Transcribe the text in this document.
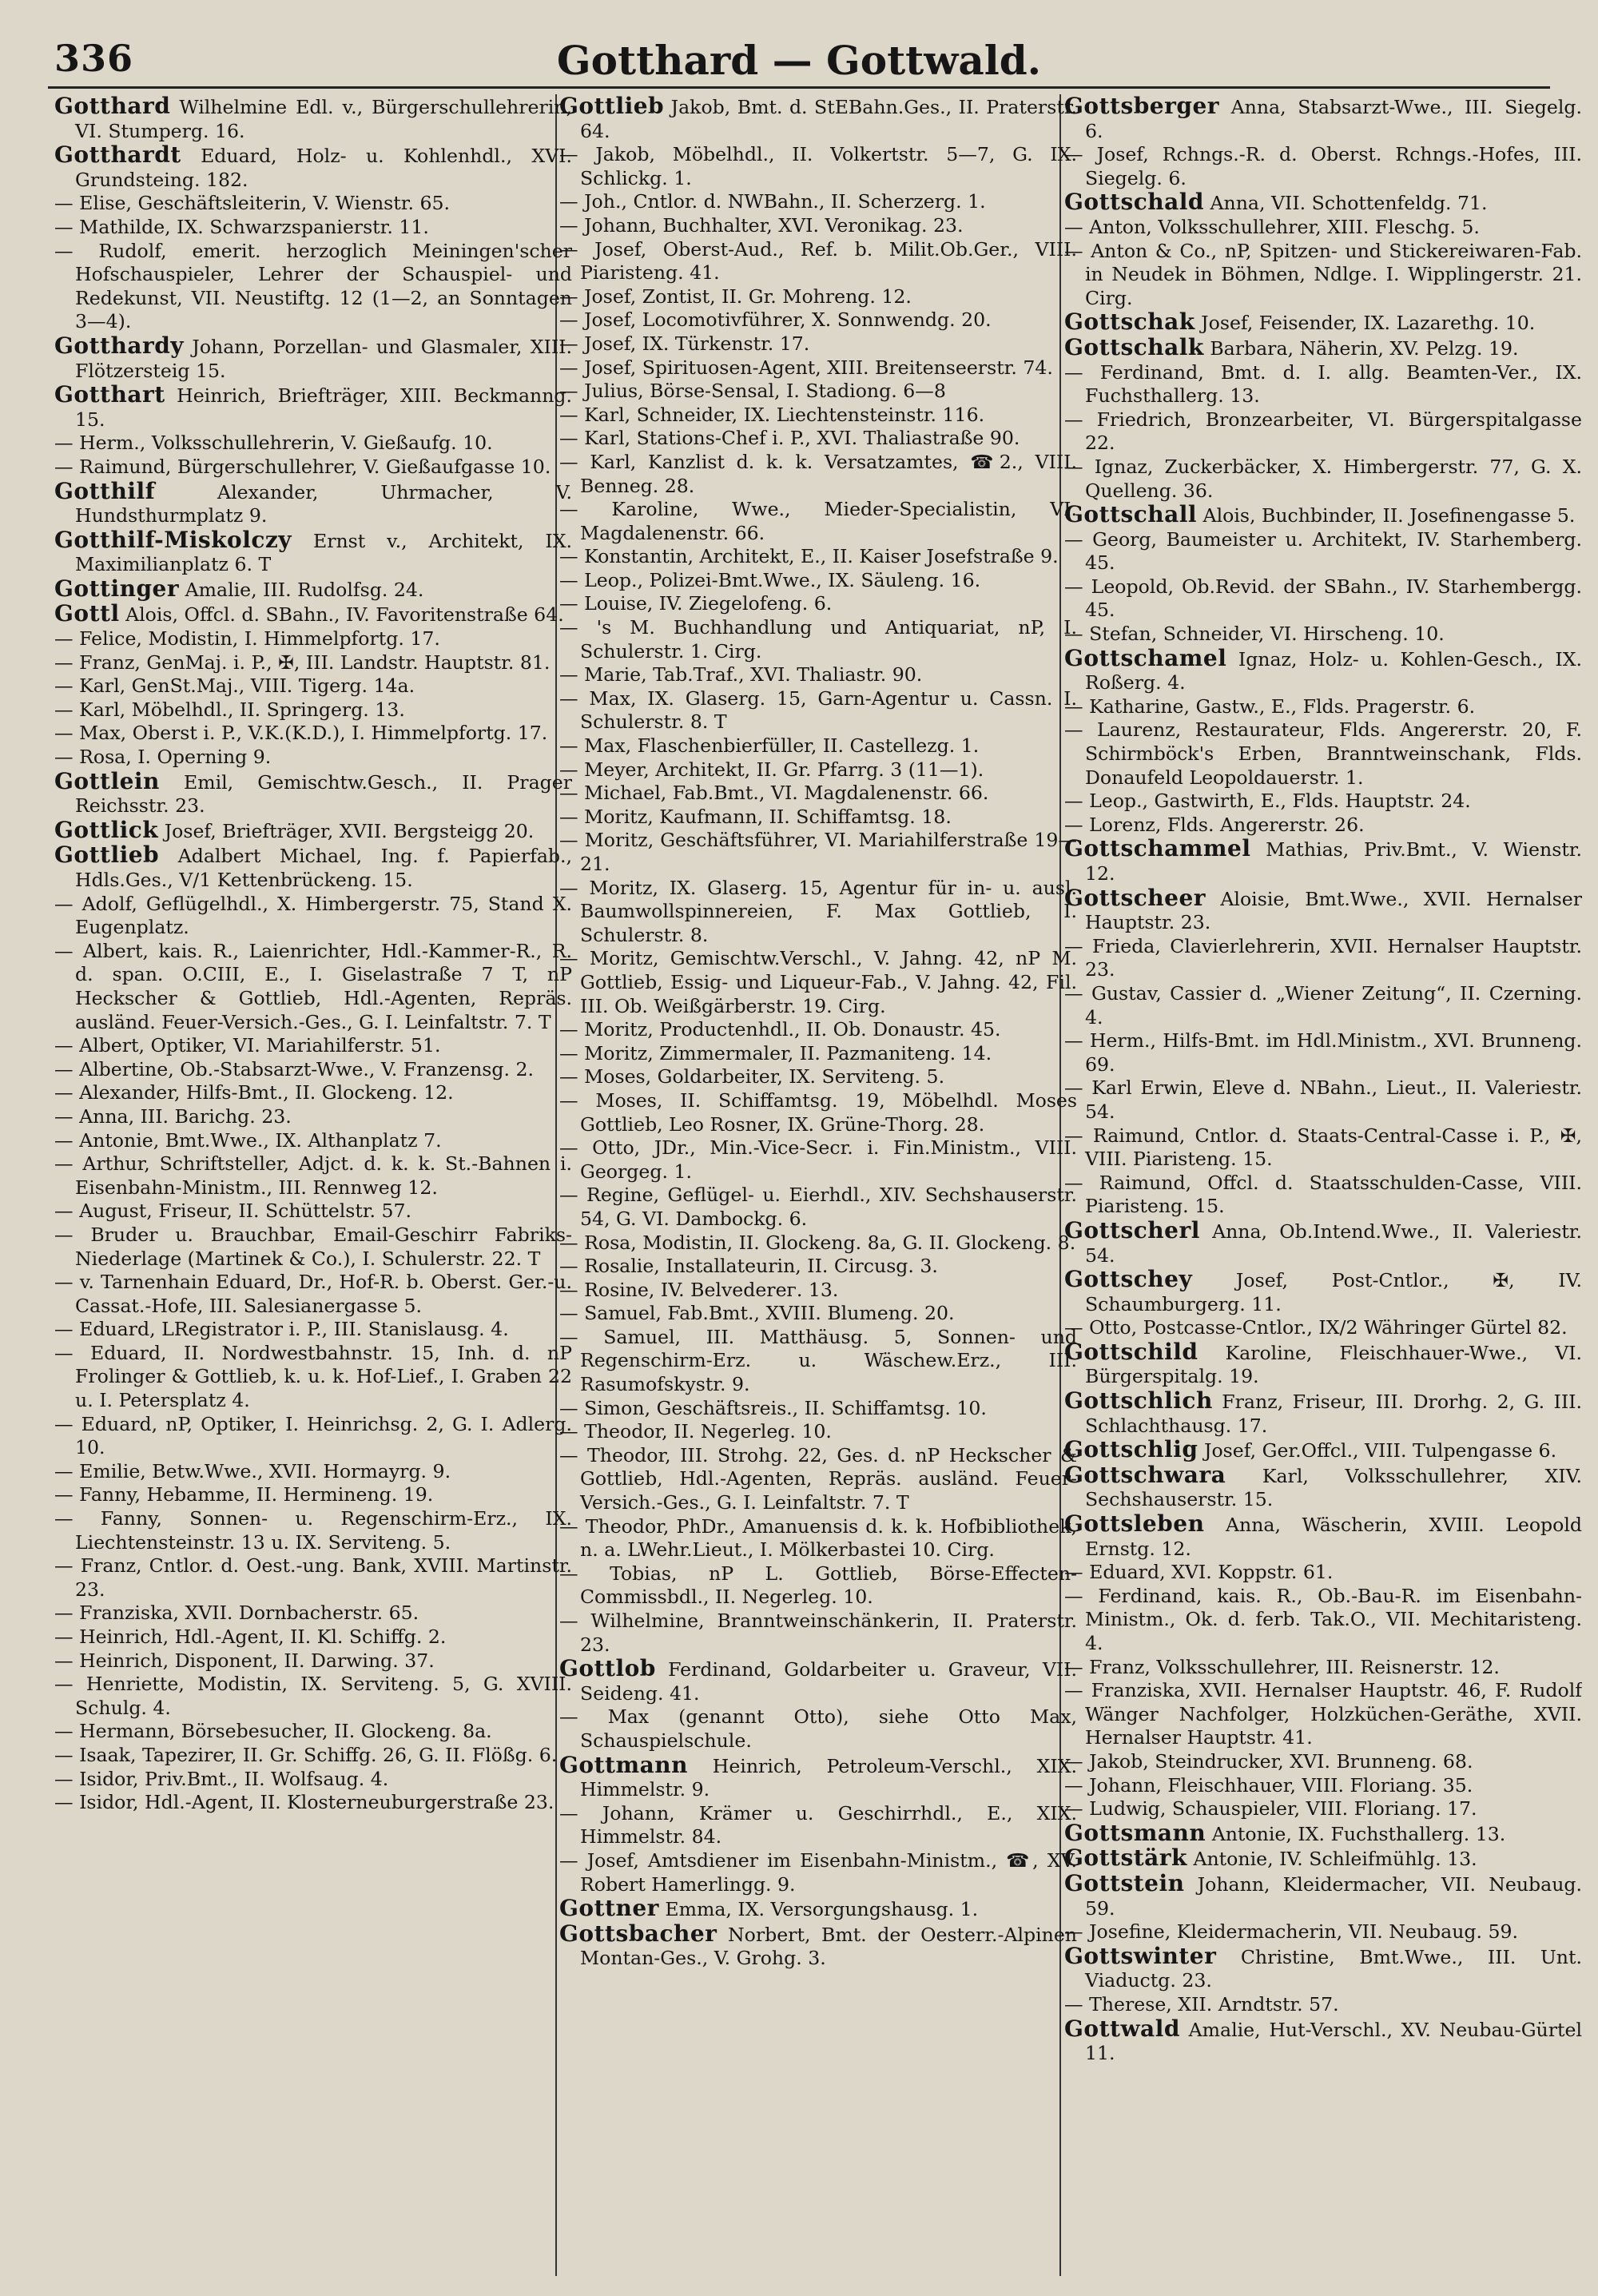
336	Gotthard — Gottwald.

Gotthard Wilhelmine Edl. v., Bürgerschullehrerin, VI. Stumperg. 16.

Gotthardt Eduard, Holz- u. Kohlenhdl., XVI. Grundsteing. 182.

— Elise, Geschäftsleiterin, V. Wienstr. 65.

— Mathilde, IX. Schwarzspanierstr. 11.

— Rudolf, emerit. herzoglich Meiningen'scher Hofschauspieler, Lehrer der Schauspiel- und Redekunst, VII. Neustiftg. 12 (1—2, an Sonntagen 3—4).

Gotthardy Johann, Porzellan- und Glasmaler, XIII. Flötzersteig 15.

Gotthart Heinrich, Briefträger, XIII. Beckmanng. 15.

— Herm., Volksschullehrerin, V. Gießaufg. 10.

— Raimund, Bürgerschullehrer, V. Gießaufgasse 10.

Gotthilf	Alexander, Uhrmacher, V. Hundsthurmplatz 9.

Gotthilf-Miskolczy Ernst v., Architekt, IX. Maximilianplatz 6. T

Gottinger Amalie, III. Rudolfsg. 24.

Gottl Alois, Offcl. d. SBahn., IV. Favoritenstraße 64.

— Felice, Modistin, I. Himmelpfortg. 17.

— Franz, GenMaj. i. P., ✠, III. Landstr. Hauptstr. 81.

— Karl, GenSt.Maj., VIII. Tigerg. 14a.

— Karl, Möbelhdl., II. Springerg. 13.

— Max, Oberst i. P., V.K.(K.D.), I. Himmelpfortg. 17.

— Rosa, I. Operning 9.

Gottlein Emil, Gemischtw.Gesch., II. Prager Reichsstr. 23.

Gottlick Josef, Briefträger, XVII. Bergsteigg 20.

Gottlieb Adalbert Michael, Ing. f. Papierfab., Hdls.Ges., V/1 Kettenbrückeng. 15.

— Adolf, Geflügelhdl., X. Himbergerstr. 75, Stand X. Eugenplatz.

— Albert, kais. R., Laienrichter, Hdl.-Kammer-R., R. d. span. O.CIII, E., I. Giselastraße 7 T, nP Heckscher & Gottlieb, Hdl.-Agenten, Repräs. ausländ. Feuer-Versich.-Ges., G. I. Leinfaltstr. 7. T

— Albert, Optiker, VI. Mariahilferstr. 51.

— Albertine, Ob.-Stabsarzt-Wwe., V. Franzensg. 2.

— Alexander, Hilfs-Bmt., II. Glockeng. 12.

— Anna, III. Barichg. 23.

— Antonie, Bmt.Wwe., IX. Althanplatz 7.

— Arthur, Schriftsteller, Adjct. d. k. k. St.-Bahnen i. Eisenbahn-Ministm., III. Rennweg 12.

— August, Friseur, II. Schüttelstr. 57.

— Bruder u. Brauchbar, Email-Geschirr Fabriks-Niederlage (Martinek & Co.), I. Schulerstr. 22. T

— v. Tarnenhain Eduard, Dr., Hof-R. b. Oberst. Ger.-u. Cassat.-Hofe, III. Salesianergasse 5.

— Eduard, LRegistrator i. P., III. Stanislausg. 4.

— Eduard, II. Nordwestbahnstr. 15, Inh. d. nP Frolinger & Gottlieb, k. u. k. Hof-Lief., I. Graben 22 u. I. Petersplatz 4.

— Eduard, nP, Optiker, I. Heinrichsg. 2, G. I. Adlerg. 10.

— Emilie, Betw.Wwe., XVII. Hormayrg. 9.

— Fanny, Hebamme, II. Hermineng. 19.

— Fanny, Sonnen- u. Regenschirm-Erz., IX. Liechtensteinstr. 13 u. IX. Serviteng. 5.

— Franz, Cntlor. d. Oest.-ung. Bank, XVIII. Martinstr. 23.

— Franziska, XVII. Dornbacherstr. 65.

— Heinrich, Hdl.-Agent, II. Kl. Schiffg. 2.

— Heinrich, Disponent, II. Darwing. 37.

— Henriette, Modistin, IX. Serviteng. 5, G. XVIII. Schulg. 4.

— Hermann, Börsebesucher, II. Glockeng. 8a.

— Isaak, Tapezirer, II. Gr. Schiffg. 26, G. II. Flößg. 6.

— Isidor, Priv.Bmt., II. Wolfsaug. 4.

— Isidor, Hdl.-Agent, II. Klosterneuburgerstraße 23.

Gottlieb Jakob, Bmt. d. StEBahn.Ges., II. Praterstr. 64.

— Jakob, Möbelhdl., II. Volkertstr. 5—7, G. IX. Schlickg. 1.

— Joh., Cntlor. d. NWBahn., II. Scherzerg. 1.

— Johann, Buchhalter, XVI. Veronikag. 23.

— Josef, Oberst-Aud., Ref. b. Milit.Ob.Ger., VIII. Piaristeng. 41.

— Josef, Zontist, II. Gr. Mohreng. 12.

— Josef, Locomotivführer, X. Sonnwendg. 20.

— Josef, IX. Türkenstr. 17.

— Josef, Spirituosen-Agent, XIII. Breitenseerstr. 74.

— Julius, Börse-Sensal, I. Stadiong. 6—8

— Karl, Schneider, IX. Liechtensteinstr. 116.

— Karl, Stations-Chef i. P., XVI. Thaliastraße 90.

— Karl, Kanzlist d. k. k. Versatzamtes, ☎2., VIII. Benneg. 28.

— Karoline, Wwe., Mieder-Specialistin, VI. Magdalenenstr. 66.

— Konstantin, Architekt, E., II. Kaiser Josefstraße 9.

— Leop., Polizei-Bmt.Wwe., IX. Säuleng. 16.

— Louise, IV. Ziegelofeng. 6.

— 's M. Buchhandlung und Antiquariat, nP, I. Schulerstr. 1. Cirg.

— Marie, Tab.Traf., XVI. Thaliastr. 90.

— Max, IX. Glaserg. 15, Garn-Agentur u. Cassn. I. Schulerstr. 8. T

— Max, Flaschenbierfüller, II. Castellezg. 1.

— Meyer, Architekt, II. Gr. Pfarrg. 3 (11—1).

— Michael, Fab.Bmt., VI. Magdalenenstr. 66.

— Moritz, Kaufmann, II. Schiffamtsg. 18.

— Moritz, Geschäftsführer, VI. Mariahilferstraße 19—21.

— Moritz, IX. Glaserg. 15, Agentur für in- u. ausl. Baumwollspinnereien, F. Max Gottlieb, I. Schulerstr. 8.

— Moritz, Gemischtw.Verschl., V. Jahng. 42, nP M. Gottlieb, Essig- und Liqueur-Fab., V. Jahng. 42, Fil. III. Ob. Weißgärberstr. 19. Cirg.

— Moritz, Productenhdl., II. Ob. Donaustr. 45.

— Moritz, Zimmermaler, II. Pazmaniteng. 14.

— Moses, Goldarbeiter, IX. Serviteng. 5.

— Moses, II. Schiffamtsg. 19, Möbelhdl. Moses Gottlieb, Leo Rosner, IX. Grüne-Thorg. 28.

— Otto, JDr., Min.-Vice-Secr. i. Fin.Ministm., VIII. Georgeg. 1.

— Regine, Geflügel- u. Eierhdl., XIV. Sechshauserstr. 54, G. VI. Dambockg. 6.

— Rosa, Modistin, II. Glockeng. 8a, G. II. Glockeng. 8.

— Rosalie, Installateurin, II. Circusg. 3.

— Rosine, IV. Belvederег. 13.

— Samuel, Fab.Bmt., XVIII. Blumeng. 20.

— Samuel, III. Matthäusg. 5, Sonnen- und Regenschirm-Erz. u. Wäschew.Erz., III. Rasumofskystr. 9.

— Simon, Geschäftsreis., II. Schiffamtsg. 10.

— Theodor, II. Negerleg. 10.

— Theodor, III. Strohg. 22, Ges. d. nP Heckscher & Gottlieb, Hdl.-Agenten, Repräs. ausländ. Feuer-Versich.-Ges., G. I. Leinfaltstr. 7. T

— Theodor, PhDr., Amanuensis d. k. k. Hofbibliothek, n. a. LWehr.Lieut., I. Mölkerbastei 10. Cirg.

— Tobias, nP L. Gottlieb, Börse-Effecten-Commissbdl., II. Negerleg. 10.

— Wilhelmine, Branntweinschänkerin, II. Praterstr. 23.

Gottlob Ferdinand, Goldarbeiter u. Graveur, VII. Seideng. 41.

— Max (genannt Otto), siehe Otto Max, Schauspielschule.

Gottmann Heinrich, Petroleum-Verschl., XIX. Himmelstr. 9.

— Johann, Krämer u. Geschirrhdl., E., XIX. Himmelstr. 84.

— Josef, Amtsdiener im Eisenbahn-Ministm., ☎, XV. Robert Hamerlingg. 9.

Gottner Emma, IX. Versorgungshausg. 1.

Gottsbacher Norbert, Bmt. der Oesterr.-Alpinen Montan-Ges., V. Grohg. 3.

Gottsberger Anna, Stabsarzt-Wwe., III. Siegelg. 6.

— Josef, Rchngs.-R. d. Oberst. Rchngs.-Hofes, III. Siegelg. 6.

Gottschald Anna, VII. Schottenfeldg. 71.

— Anton, Volksschullehrer, XIII. Fleschg. 5.

— Anton & Co., nP, Spitzen- und Stickereiwaren-Fab. in Neudek in Böhmen, Ndlge. I. Wipplingerstr. 21. Cirg.

Gottschak Josef, Feisender, IX. Lazarethg. 10.

Gottschalk Barbara, Näherin, XV. Pelzg. 19.

— Ferdinand, Bmt. d. I. allg. Beamten-Ver., IX. Fuchsthallerg. 13.

— Friedrich, Bronzearbeiter, VI. Bürgerspitalgasse 22.

— Ignaz, Zuckerbäcker, X. Himbergerstr. 77, G. X. Quelleng. 36.

Gottschall Alois, Buchbinder, II. Josefinengasse 5.

— Georg, Baumeister u. Architekt, IV. Starhemberg. 45.

— Leopold, Ob.Revid. der SBahn., IV. Starhembergg. 45.

— Stefan, Schneider, VI. Hirscheng. 10.

Gottschamel Ignaz, Holz- u. Kohlen-Gesch., IX. Roßerg. 4.

— Katharine, Gastw., E., Flds. Pragerstr. 6.

— Laurenz, Restaurateur, Flds. Angererstr. 20, F. Schirmböck's Erben, Branntweinschank, Flds. Donaufeld Leopoldauerstr. 1.

— Leop., Gastwirth, E., Flds. Hauptstr. 24.

— Lorenz, Flds. Angererstr. 26.

Gottschammel Mathias, Priv.Bmt., V. Wienstr. 12.

Gottscheer Aloisie, Bmt.Wwe., XVII. Hernalser Hauptstr. 23.

— Frieda, Clavierlehrerin, XVII. Hernalser Hauptstr. 23.

— Gustav, Cassier d. „Wiener Zeitung“, II. Czerning. 4.

— Herm., Hilfs-Bmt. im Hdl.Ministm., XVI. Brunneng. 69.

— Karl Erwin, Eleve d. NBahn., Lieut., II. Valeriestr. 54.

— Raimund, Cntlor. d. Staats-Central-Casse i. P., ✠, VIII. Piaristeng. 15.

— Raimund, Offcl. d. Staatsschulden-Casse, VIII. Piaristeng. 15.

Gottscherl Anna, Ob.Intend.Wwe., II. Valeriestr. 54.

Gottschey Josef, Post-Cntlor., ✠, IV. Schaumburgerg. 11.

— Otto, Postcasse-Cntlor., IX/2 Währinger Gürtel 82.

Gottschild Karoline, Fleischhauer-Wwe., VI. Bürgerspitalg. 19.

Gottschlich Franz, Friseur, III. Drorhg. 2, G. III. Schlachthausg. 17.

Gottschlig Josef, Ger.Offcl., VIII. Tulpengasse 6.

Gottschwara Karl, Volksschullehrer, XIV. Sechshauserstr. 15.

Gottsleben Anna, Wäscherin, XVIII. Leopold Ernstg. 12.

— Eduard, XVI. Koppstr. 61.

— Ferdinand, kais. R., Ob.-Bau-R. im Eisenbahn-Ministm., Ok. d. ferb. Tak.O., VII. Mechitaristeng. 4.

— Franz, Volksschullehrer, III. Reisnerstr. 12.

— Franziska, XVII. Hernalser Hauptstr. 46, F. Rudolf Wänger Nachfolger, Holzküchen-Geräthe, XVII. Hernalser Hauptstr. 41.

— Jakob, Steindrucker, XVI. Brunneng. 68.

— Johann, Fleischhauer, VIII. Floriang. 35.

— Ludwig, Schauspieler, VIII. Floriang. 17.

Gottsmann Antonie, IX. Fuchsthallerg. 13.

Gottstärk Antonie, IV. Schleifmühlg. 13.

Gottstein Johann, Kleidermacher, VII. Neubaug. 59.

— Josefine, Kleidermacherin, VII. Neubaug. 59.

Gottswinter Christine, Bmt.Wwe., III. Unt. Viaductg. 23.

— Therese, XII. Arndtstr. 57.

Gottwald Amalie, Hut-Verschl., XV. Neubau-Gürtel 11.
